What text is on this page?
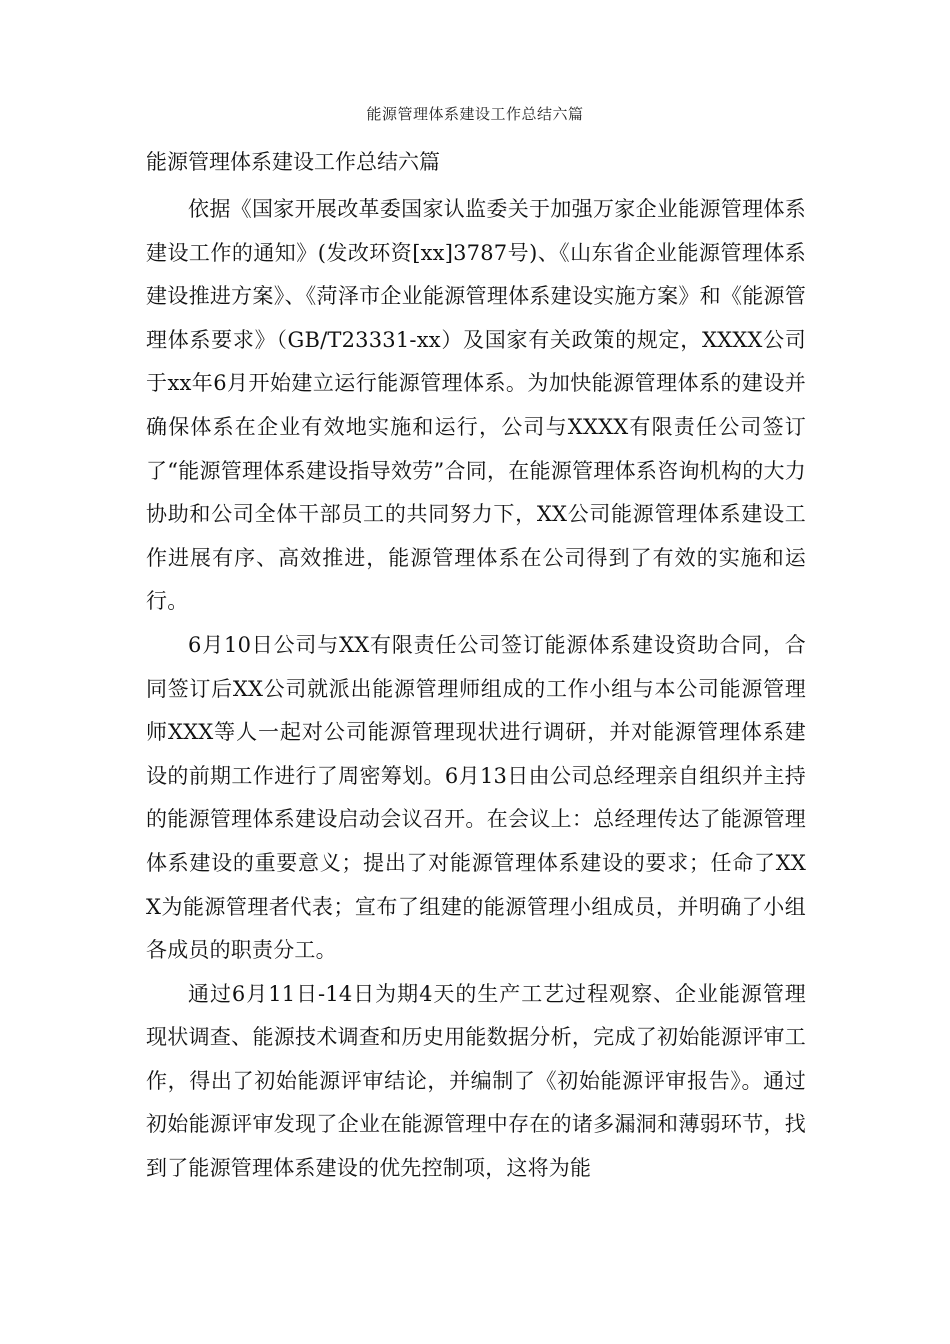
能源管理体系建设工作总结六篇
能源管理体系建设工作总结六篇

依据《国家开展改革委国家认监委关于加强万家企业能源管理体系建设工作的通知》(发改环资[xx]3787号)、《山东省企业能源管理体系建设推进方案》、《菏泽市企业能源管理体系建设实施方案》和《能源管理体系要求》（GB/T23331-xx）及国家有关政策的规定，XXXX公司于xx年6月开始建立运行能源管理体系。为加快能源管理体系的建设并确保体系在企业有效地实施和运行，公司与XXXX有限责任公司签订了“能源管理体系建设指导效劳”合同，在能源管理体系咨询机构的大力协助和公司全体干部员工的共同努力下，XX公司能源管理体系建设工作进展有序、高效推进，能源管理体系在公司得到了有效的实施和运行。

6月10日公司与XX有限责任公司签订能源体系建设资助合同，合同签订后XX公司就派出能源管理师组成的工作小组与本公司能源管理师XXX等人一起对公司能源管理现状进行调研，并对能源管理体系建设的前期工作进行了周密筹划。6月13日由公司总经理亲自组织并主持的能源管理体系建设启动会议召开。在会议上：总经理传达了能源管理体系建设的重要意义；提出了对能源管理体系建设的要求；任命了XXX为能源管理者代表；宣布了组建的能源管理小组成员，并明确了小组各成员的职责分工。

通过6月11日-14日为期4天的生产工艺过程观察、企业能源管理现状调查、能源技术调查和历史用能数据分析，完成了初始能源评审工作，得出了初始能源评审结论，并编制了《初始能源评审报告》。通过初始能源评审发现了企业在能源管理中存在的诸多漏洞和薄弱环节，找到了能源管理体系建设的优先控制项，这将为能
